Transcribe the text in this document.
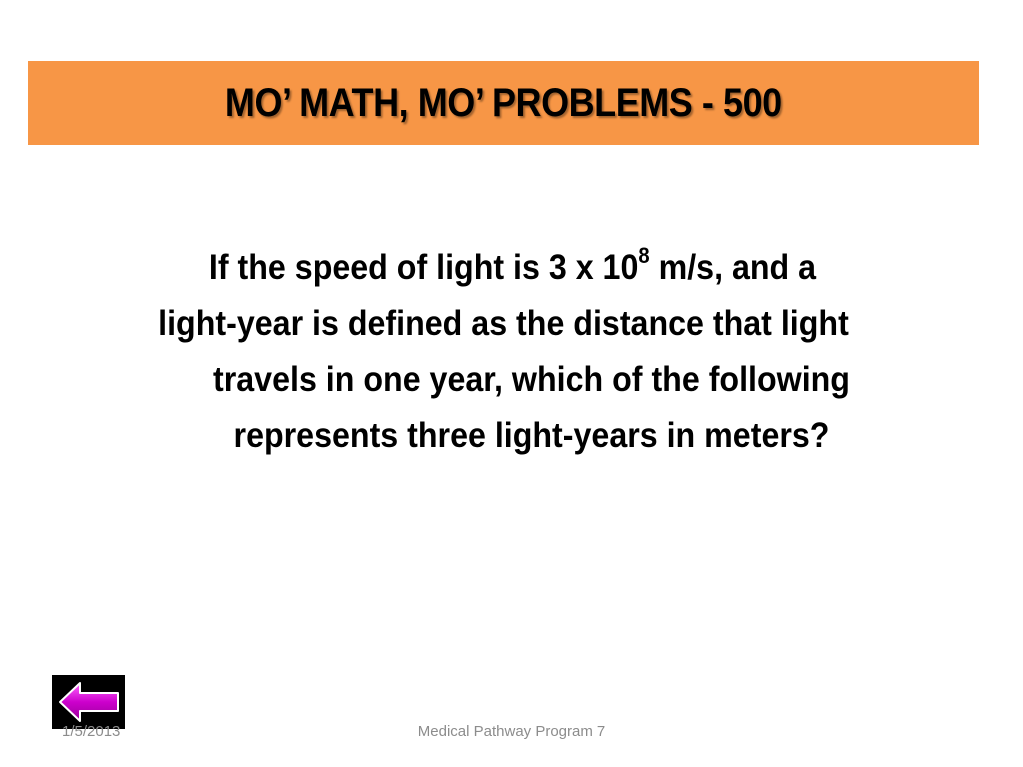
MO’ MATH, MO’ PROBLEMS - 500
If the speed of light is 3 x $10^8$ m/s, and a
light-year is defined as the distance that light
travels in one year, which of the following
represents three light-years in meters?
1/5/2013	Medical Pathway Program 7
